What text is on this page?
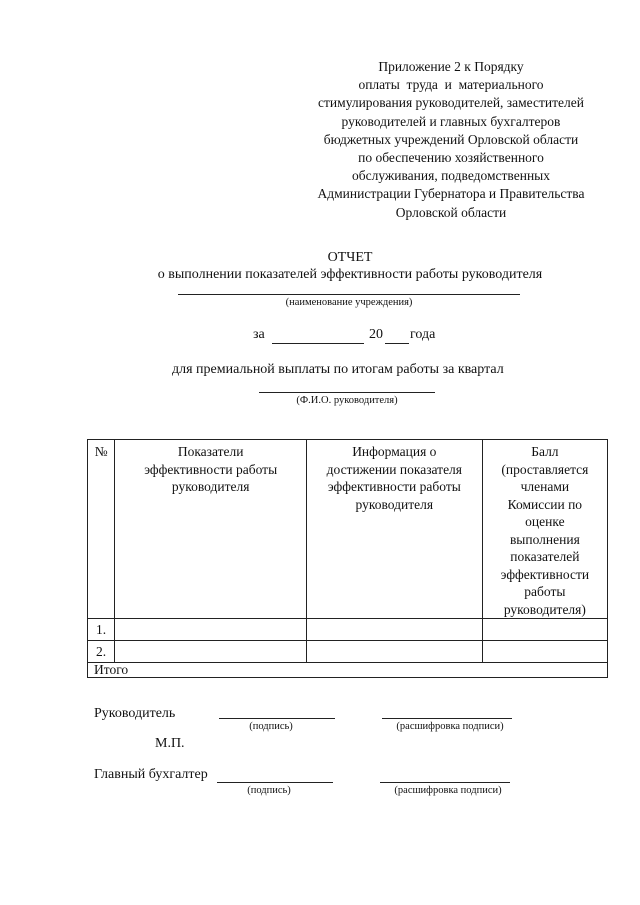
Приложение 2 к Порядку
оплаты  труда  и  материального
стимулирования руководителей, заместителей
руководителей и главных бухгалтеров
бюджетных учреждений Орловской области
по обеспечению хозяйственного
обслуживания, подведомственных
Администрации Губернатора и Правительства
Орловской области
ОТЧЕТ
о выполнении показателей эффективности работы руководителя
(наименование учреждения)
за	20 года
для премиальной выплаты по итогам работы за квартал
(Ф.И.О. руководителя)
№	Показатели эффективности работы руководителя	Информация о достижении показателя эффективности работы руководителя	Балл (проставляется членами Комиссии по оценке выполнения показателей эффективности работы руководителя)
1.			
2.			
Итого			
Руководитель
(подпись)	(расшифровка подписи)
М.П.
Главный бухгалтер
(подпись)	(расшифровка подписи)
